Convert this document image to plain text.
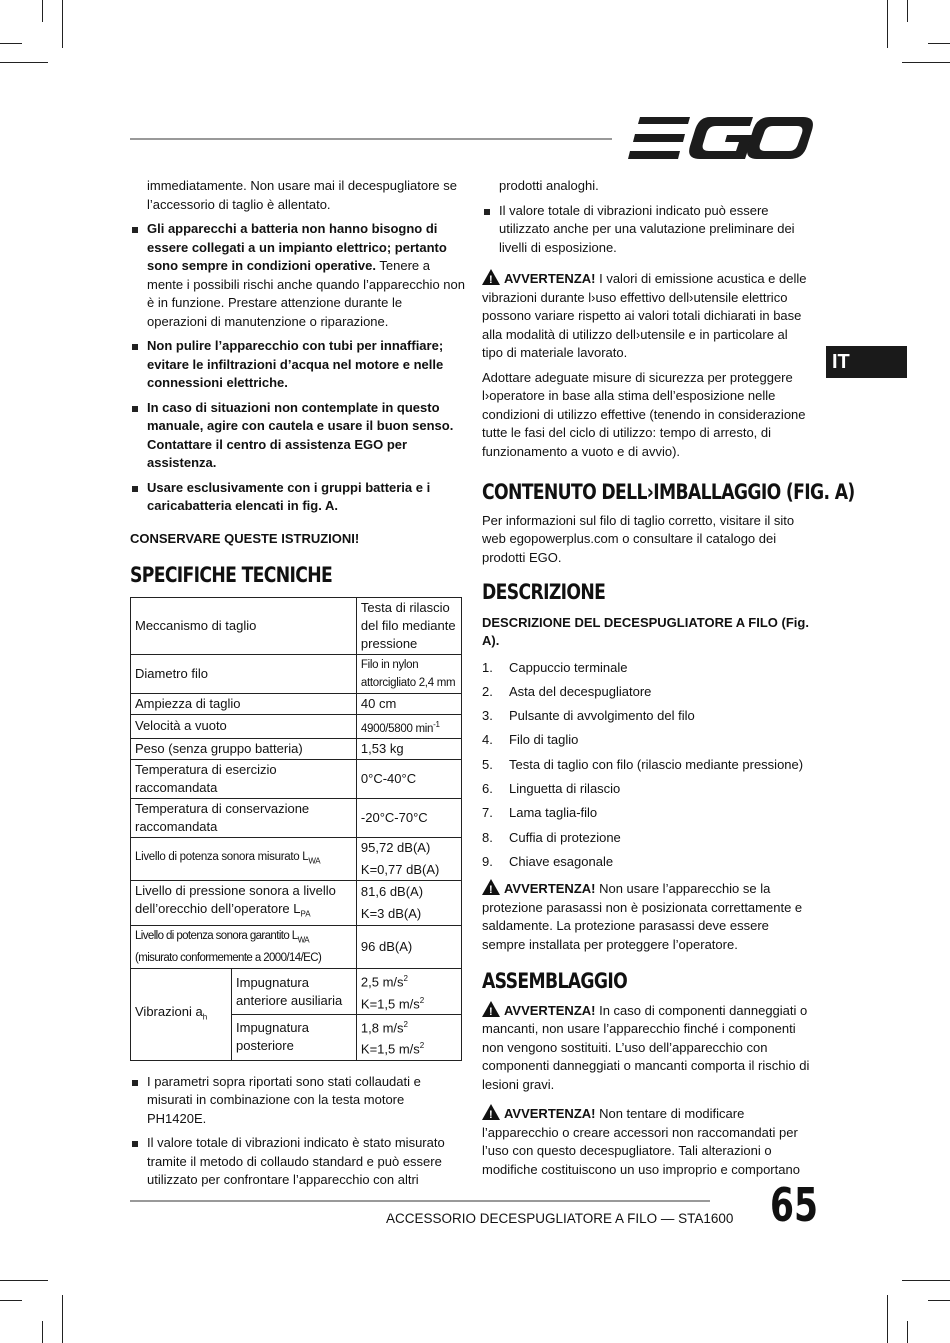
IT

immediatamente. Non usare mai il decespugliatore se l’accessorio di taglio è allentato.

Gli apparecchi a batteria non hanno bisogno di essere collegati a un impianto elettrico; pertanto sono sempre in condizioni operative. Tenere a mente i possibili rischi anche quando l’apparecchio non è in funzione. Prestare attenzione durante le operazioni di manutenzione o riparazione.
Non pulire l’apparecchio con tubi per innaffiare; evitare le infiltrazioni d’acqua nel motore e nelle connessioni elettriche.
In caso di situazioni non contemplate in questo manuale, agire con cautela e usare il buon senso. Contattare il centro di assistenza EGO per assistenza.
Usare esclusivamente con i gruppi batteria e i caricabatteria elencati in fig. A.

CONSERVARE QUESTE ISTRUZIONI!

SPECIFICHE TECNICHE
Meccanismo di taglio		Testa di rilascio del filo mediante pressione
Diametro filo		Filo in nylon attorcigliato 2,4 mm
Ampiezza di taglio		40 cm
Velocità a vuoto		4900/5800 $\min^{-1}$
Peso (senza gruppo batteria)		1,53 kg
Temperatura di esercizio raccomandata		0°C-40°C
Temperatura di conservazione raccomandata		-20°C-70°C
Livello di potenza sonora misurato $L_{WA}$		95,72 dB(A)
K=0,77 dB(A)

Livello di pressione sonora a livello dell’orecchio dell’operatore $L_{PA}$		81,6 dB(A)
K=3 dB(A)

Livello di potenza sonora garantito $L_{WA}$
(misurato conformemente a 2000/14/EC)		96 dB(A)
Vibrazioni $a_h$	Impugnatura anteriore ausiliaria	2,5 $m/s^2$
K=1,5 $m/s^2$

	Impugnatura posteriore	1,8 $m/s^2$
K=1,5 $m/s^2$
I parametri sopra riportati sono stati collaudati e misurati in combinazione con la testa motore PH1420E.
Il valore totale di vibrazioni indicato è stato misurato tramite il metodo di collaudo standard e può essere utilizzato per confrontare l’apparecchio con altri

prodotti analoghi.

Il valore totale di vibrazioni indicato può essere utilizzato anche per una valutazione preliminare dei livelli di esposizione.

!AVVERTENZA! I valori di emissione acustica e delle vibrazioni durante l›uso effettivo dell›utensile elettrico possono variare rispetto ai valori totali dichiarati in base alla modalità di utilizzo dell›utensile e in particolare al tipo di materiale lavorato.

Adottare adeguate misure di sicurezza per proteggere l›operatore in base alla stima dell’esposizione nelle condizioni di utilizzo effettive (tenendo in considerazione tutte le fasi del ciclo di utilizzo: tempo di arresto, di funzionamento a vuoto e di avvio).

CONTENUTO DELL›IMBALLAGGIO (FIG. A)

Per informazioni sul filo di taglio corretto, visitare il sito web egopowerplus.com o consultare il catalogo dei prodotti EGO.

DESCRIZIONE

DESCRIZIONE DEL DECESPUGLIATORE A FILO (Fig. A).

1. Cappuccio terminale
2. Asta del decespugliatore
3. Pulsante di avvolgimento del filo
4. Filo di taglio
5. Testa di taglio con filo (rilascio mediante pressione)
6. Linguetta di rilascio
7. Lama taglia-filo
8. Cuffia di protezione
9. Chiave esagonale

!AVVERTENZA! Non usare l’apparecchio se la protezione parasassi non è posizionata correttamente e saldamente. La protezione parasassi deve essere sempre installata per proteggere l’operatore.

ASSEMBLAGGIO

!AVVERTENZA! In caso di componenti danneggiati o mancanti, non usare l’apparecchio finché i componenti non vengono sostituiti. L’uso dell’apparecchio con componenti danneggiati o mancanti comporta il rischio di lesioni gravi.

!AVVERTENZA! Non tentare di modificare l’apparecchio o creare accessori non raccomandati per l’uso con questo decespugliatore. Tali alterazioni o modifiche costituiscono un uso improprio e comportano

ACCESSORIO DECESPUGLIATORE A FILO — STA1600 65
